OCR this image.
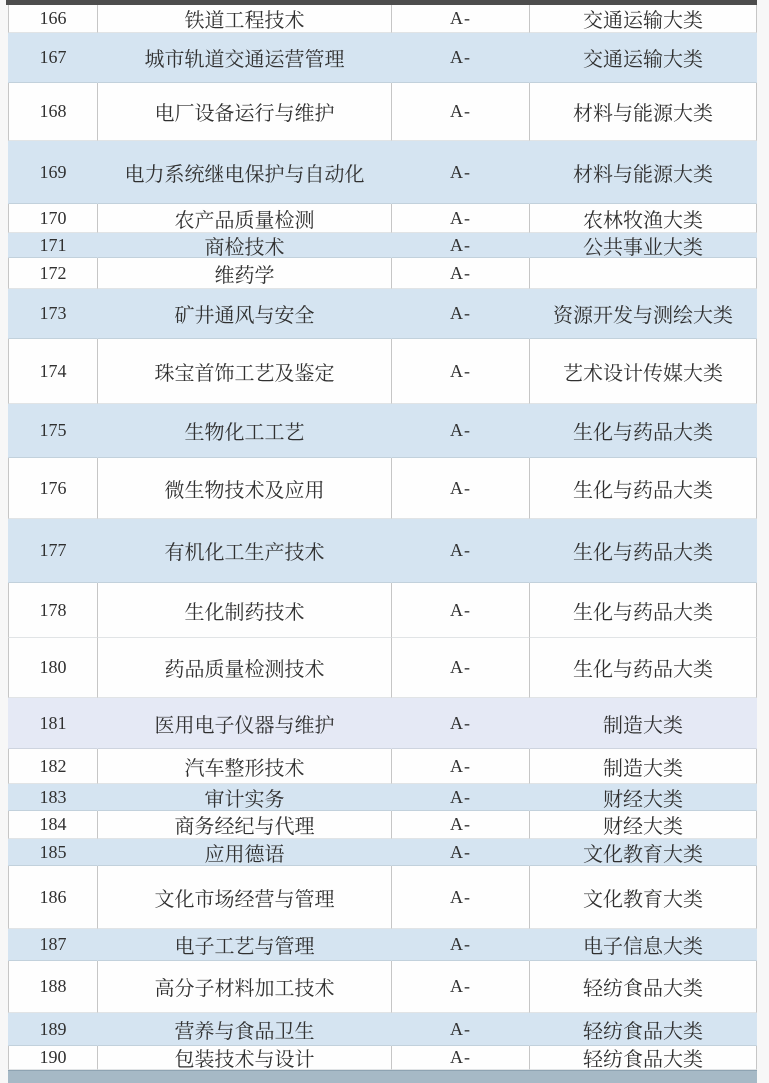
166	铁道工程技术	A-	交通运输大类
167	城市轨道交通运营管理	A-	交通运输大类
168	电厂设备运行与维护	A-	材料与能源大类
169	电力系统继电保护与自动化	A-	材料与能源大类
170	农产品质量检测	A-	农林牧渔大类
171	商检技术	A-	公共事业大类
172	维药学	A-
173	矿井通风与安全	A-	资源开发与测绘大类
174	珠宝首饰工艺及鉴定	A-	艺术设计传媒大类
175	生物化工工艺	A-	生化与药品大类
176	微生物技术及应用	A-	生化与药品大类
177	有机化工生产技术	A-	生化与药品大类
178	生化制药技术	A-	生化与药品大类
180	药品质量检测技术	A-	生化与药品大类
181	医用电子仪器与维护	A-	制造大类
182	汽车整形技术	A-	制造大类
183	审计实务	A-	财经大类
184	商务经纪与代理	A-	财经大类
185	应用德语	A-	文化教育大类
186	文化市场经营与管理	A-	文化教育大类
187	电子工艺与管理	A-	电子信息大类
188	高分子材料加工技术	A-	轻纺食品大类
189	营养与食品卫生	A-	轻纺食品大类
190	包装技术与设计	A-	轻纺食品大类
